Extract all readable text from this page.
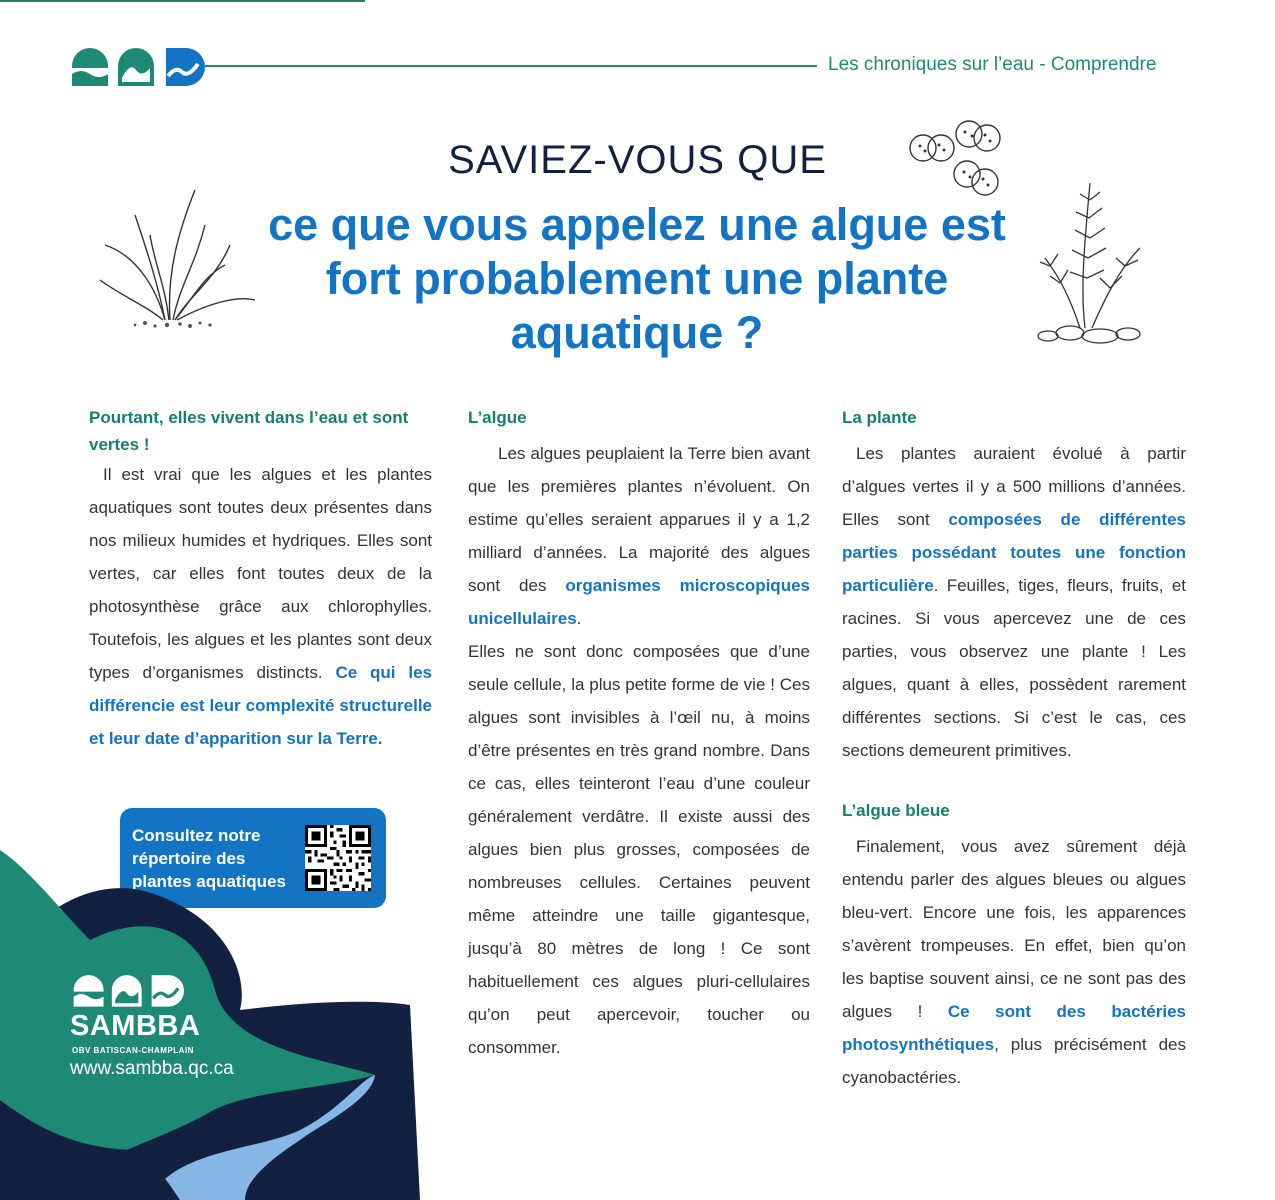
Les chroniques sur l’eau - Comprendre
SAVIEZ-VOUS QUE
ce que vous appelez une algue est fort probablement une plante aquatique ?
Pourtant, elles vivent dans l’eau et sont vertes !

Il est vrai que les algues et les plantes aquatiques sont toutes deux présentes dans nos milieux humides et hydriques. Elles sont vertes, car elles font toutes deux de la photosynthèse grâce aux chlorophylles. Toutefois, les algues et les plantes sont deux types d’organismes distincts. Ce qui les différencie est leur complexité structurelle et leur date d’apparition sur la Terre.

Consultez notre répertoire des plantes aquatiques
L’algue

Les algues peuplaient la Terre bien avant que les premières plantes n’évoluent. On estime qu’elles seraient apparues il y a 1,2 milliard d’années. La majorité des algues sont des organismes microscopiques unicellulaires.

Elles ne sont donc composées que d’une seule cellule, la plus petite forme de vie ! Ces algues sont invisibles à l’œil nu, à moins d’être présentes en très grand nombre. Dans ce cas, elles teinteront l’eau d’une couleur généralement verdâtre. Il existe aussi des algues bien plus grosses, composées de nombreuses cellules. Certaines peuvent même atteindre une taille gigantesque, jusqu’à 80 mètres de long ! Ce sont habituellement ces algues pluri-cellulaires qu’on peut apercevoir, toucher ou consommer.

La plante

Les plantes auraient évolué à partir d’algues vertes il y a 500 millions d’années. Elles sont composées de différentes parties possédant toutes une fonction particulière. Feuilles, tiges, fleurs, fruits, et racines. Si vous apercevez une de ces parties, vous observez une plante ! Les algues, quant à elles, possèdent rarement différentes sections. Si c’est le cas, ces sections demeurent primitives.

L’algue bleue

Finalement, vous avez sûrement déjà entendu parler des algues bleues ou algues bleu-vert. Encore une fois, les apparences s’avèrent trompeuses. En effet, bien qu’on les baptise souvent ainsi, ce ne sont pas des algues ! Ce sont des bactéries photosynthétiques, plus précisément des cyanobactéries.

SAMBBA
OBV BATISCAN-CHAMPLAIN
www.sambba.qc.ca
